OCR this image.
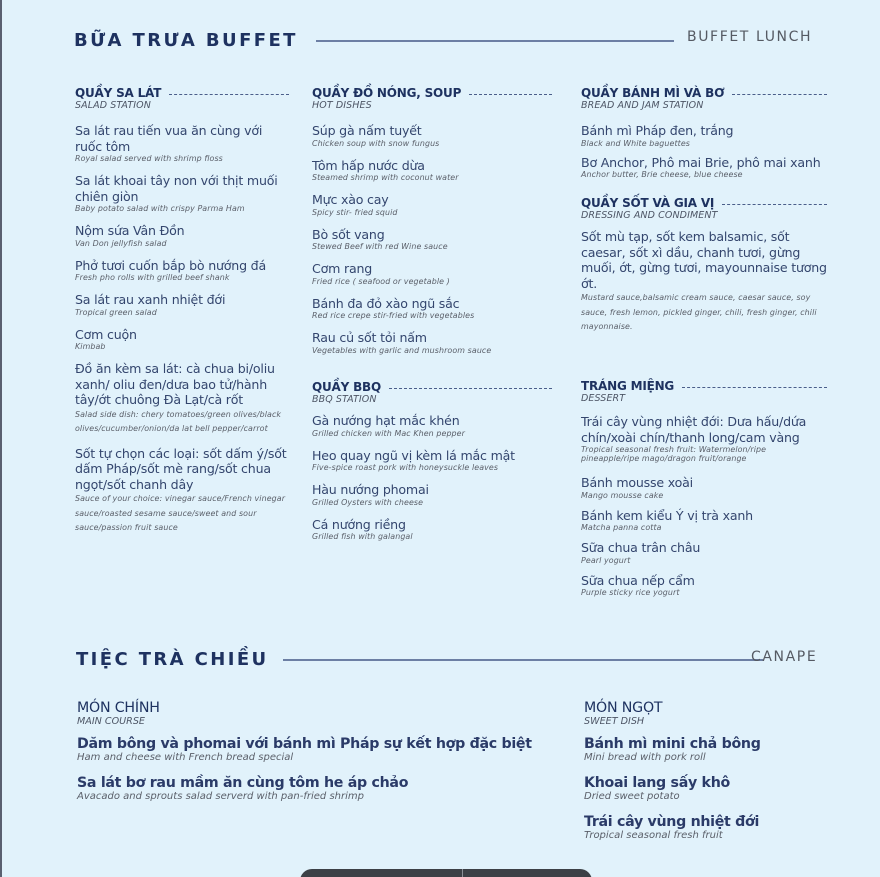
BỮA TRƯA BUFFET	BUFFET LUNCH
QUẦY SA LÁT
SALAD STATION
Sa lát rau tiến vua ăn cùng với ruốc tôm
Royal salad served with shrimp floss
Sa lát khoai tây non với thịt muối chiên giòn
Baby potato salad with crispy Parma Ham
Nộm sứa Vân Đồn
Van Don jellyfish salad
Phở tươi cuốn bắp bò nướng đá
Fresh pho rolls with grilled beef shank
Sa lát rau xanh nhiệt đới
Tropical green salad
Cơm cuộn
Kimbab
Đồ ăn kèm sa lát: cà chua bi/oliu xanh/ oliu đen/dưa bao tử/hành tây/ớt chuông Đà Lạt/cà rốt
Salad side dish: chery tomatoes/green olives/black olives/cucumber/onion/da lat bell pepper/carrot
Sốt tự chọn các loại: sốt dấm ý/sốt dấm Pháp/sốt mè rang/sốt chua ngọt/sốt chanh dây
Sauce of your choice: vinegar sauce/French vinegar sauce/roasted sesame sauce/sweet and sour sauce/passion fruit sauce
QUẦY ĐỒ NÓNG, SOUP
HOT DISHES
Súp gà nấm tuyết
Chicken soup with snow fungus
Tôm hấp nước dừa
Steamed shrimp with coconut water
Mực xào cay
Spicy stir- fried squid
Bò sốt vang
Stewed Beef with red Wine sauce
Cơm rang
Fried rice ( seafood or vegetable )
Bánh đa đỏ xào ngũ sắc
Red rice crepe stir-fried with vegetables
Rau củ sốt tỏi nấm
Vegetables with garlic and mushroom sauce
QUẦY BBQ
BBQ STATION
Gà nướng hạt mắc khén
Grilled chicken with Mac Khen pepper
Heo quay ngũ vị kèm lá mắc mật
Five-spice roast pork with honeysuckle leaves
Hàu nướng phomai
Grilled Oysters with cheese
Cá nướng riềng
Grilled fish with galangal
QUẦY BÁNH MÌ VÀ BƠ
BREAD AND JAM STATION
Bánh mì Pháp đen, trắng
Black and White baguettes
Bơ Anchor, Phô mai Brie, phô mai xanh
Anchor butter, Brie cheese, blue cheese
QUẦY SỐT VÀ GIA VỊ
DRESSING AND CONDIMENT
Sốt mù tạp, sốt kem balsamic, sốt caesar, sốt xì dầu, chanh tươi, gừng muối, ớt, gừng tươi, mayounnaise tương ớt.
Mustard sauce,balsamic cream sauce, caesar sauce, soy sauce, fresh lemon, pickled ginger, chili, fresh ginger, chili mayonnaise.
TRÁNG MIỆNG
DESSERT
Trái cây vùng nhiệt đới: Dưa hấu/dứa chín/xoài chín/thanh long/cam vàng
Tropical seasonal fresh fruit: Watermelon/ripe pineapple/ripe mago/dragon fruit/orange
Bánh mousse xoài
Mango mousse cake
Bánh kem kiểu Ý vị trà xanh
Matcha panna cotta
Sữa chua trân châu
Pearl yogurt
Sữa chua nếp cẩm
Purple sticky rice yogurt
TIỆC TRÀ CHIỀU	CANAPE
MÓN CHÍNH
MAIN COURSE
Dăm bông và phomai với bánh mì Pháp sự kết hợp đặc biệt
Ham and cheese with French bread special
Sa lát bơ rau mầm ăn cùng tôm he áp chảo
Avacado and sprouts salad serverd with pan-fried shrimp
MÓN NGỌT
SWEET DISH
Bánh mì mini chả bông
Mini bread with pork roll
Khoai lang sấy khô
Dried sweet potato
Trái cây vùng nhiệt đới
Tropical seasonal fresh fruit
